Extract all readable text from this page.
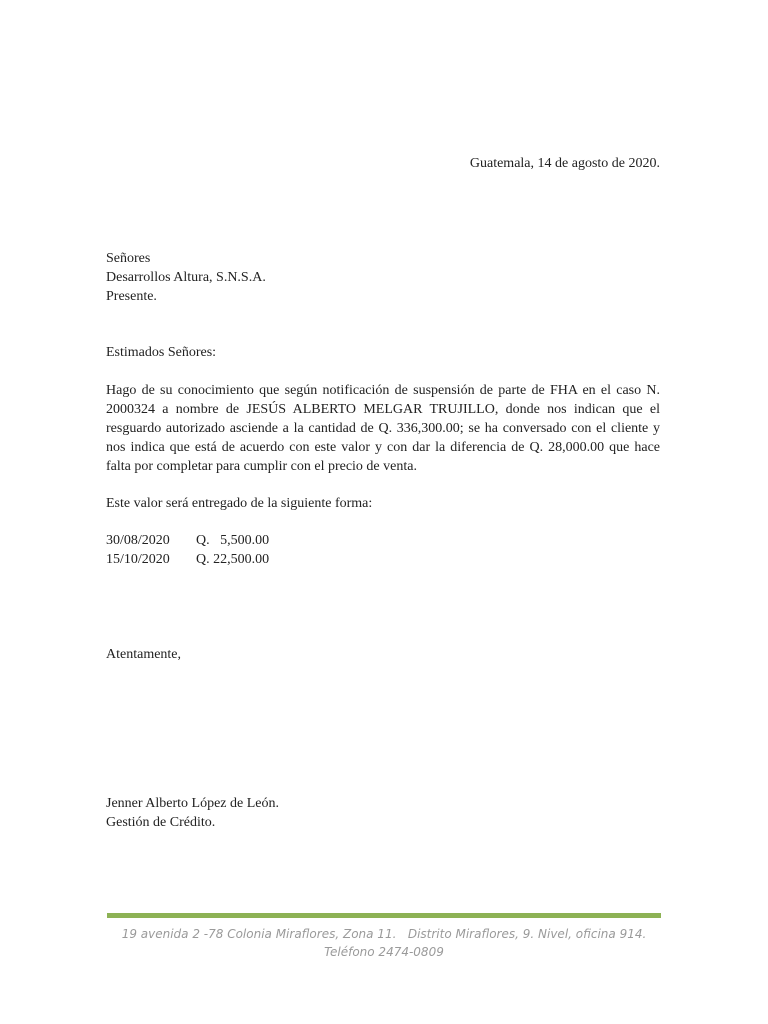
Guatemala, 14 de agosto de 2020.
Señores
Desarrollos Altura, S.N.S.A.
Presente.
Estimados Señores:
Hago de su conocimiento que según notificación de suspensión de parte de FHA en el caso N. 2000324 a nombre de JESÚS ALBERTO MELGAR TRUJILLO, donde nos indican que el resguardo autorizado asciende a la cantidad de Q. 336,300.00; se ha conversado con el cliente y nos indica que está de acuerdo con este valor y con dar la diferencia de Q. 28,000.00 que hace falta por completar para cumplir con el precio de venta.
Este valor será entregado de la siguiente forma:
30/08/2020	Q.   5,500.00
15/10/2020	Q. 22,500.00
Atentamente,
Jenner Alberto López de León.
Gestión de Crédito.
19 avenida 2 -78 Colonia Miraflores, Zona 11.   Distrito Miraflores, 9. Nivel, oficina 914.
Teléfono 2474-0809
